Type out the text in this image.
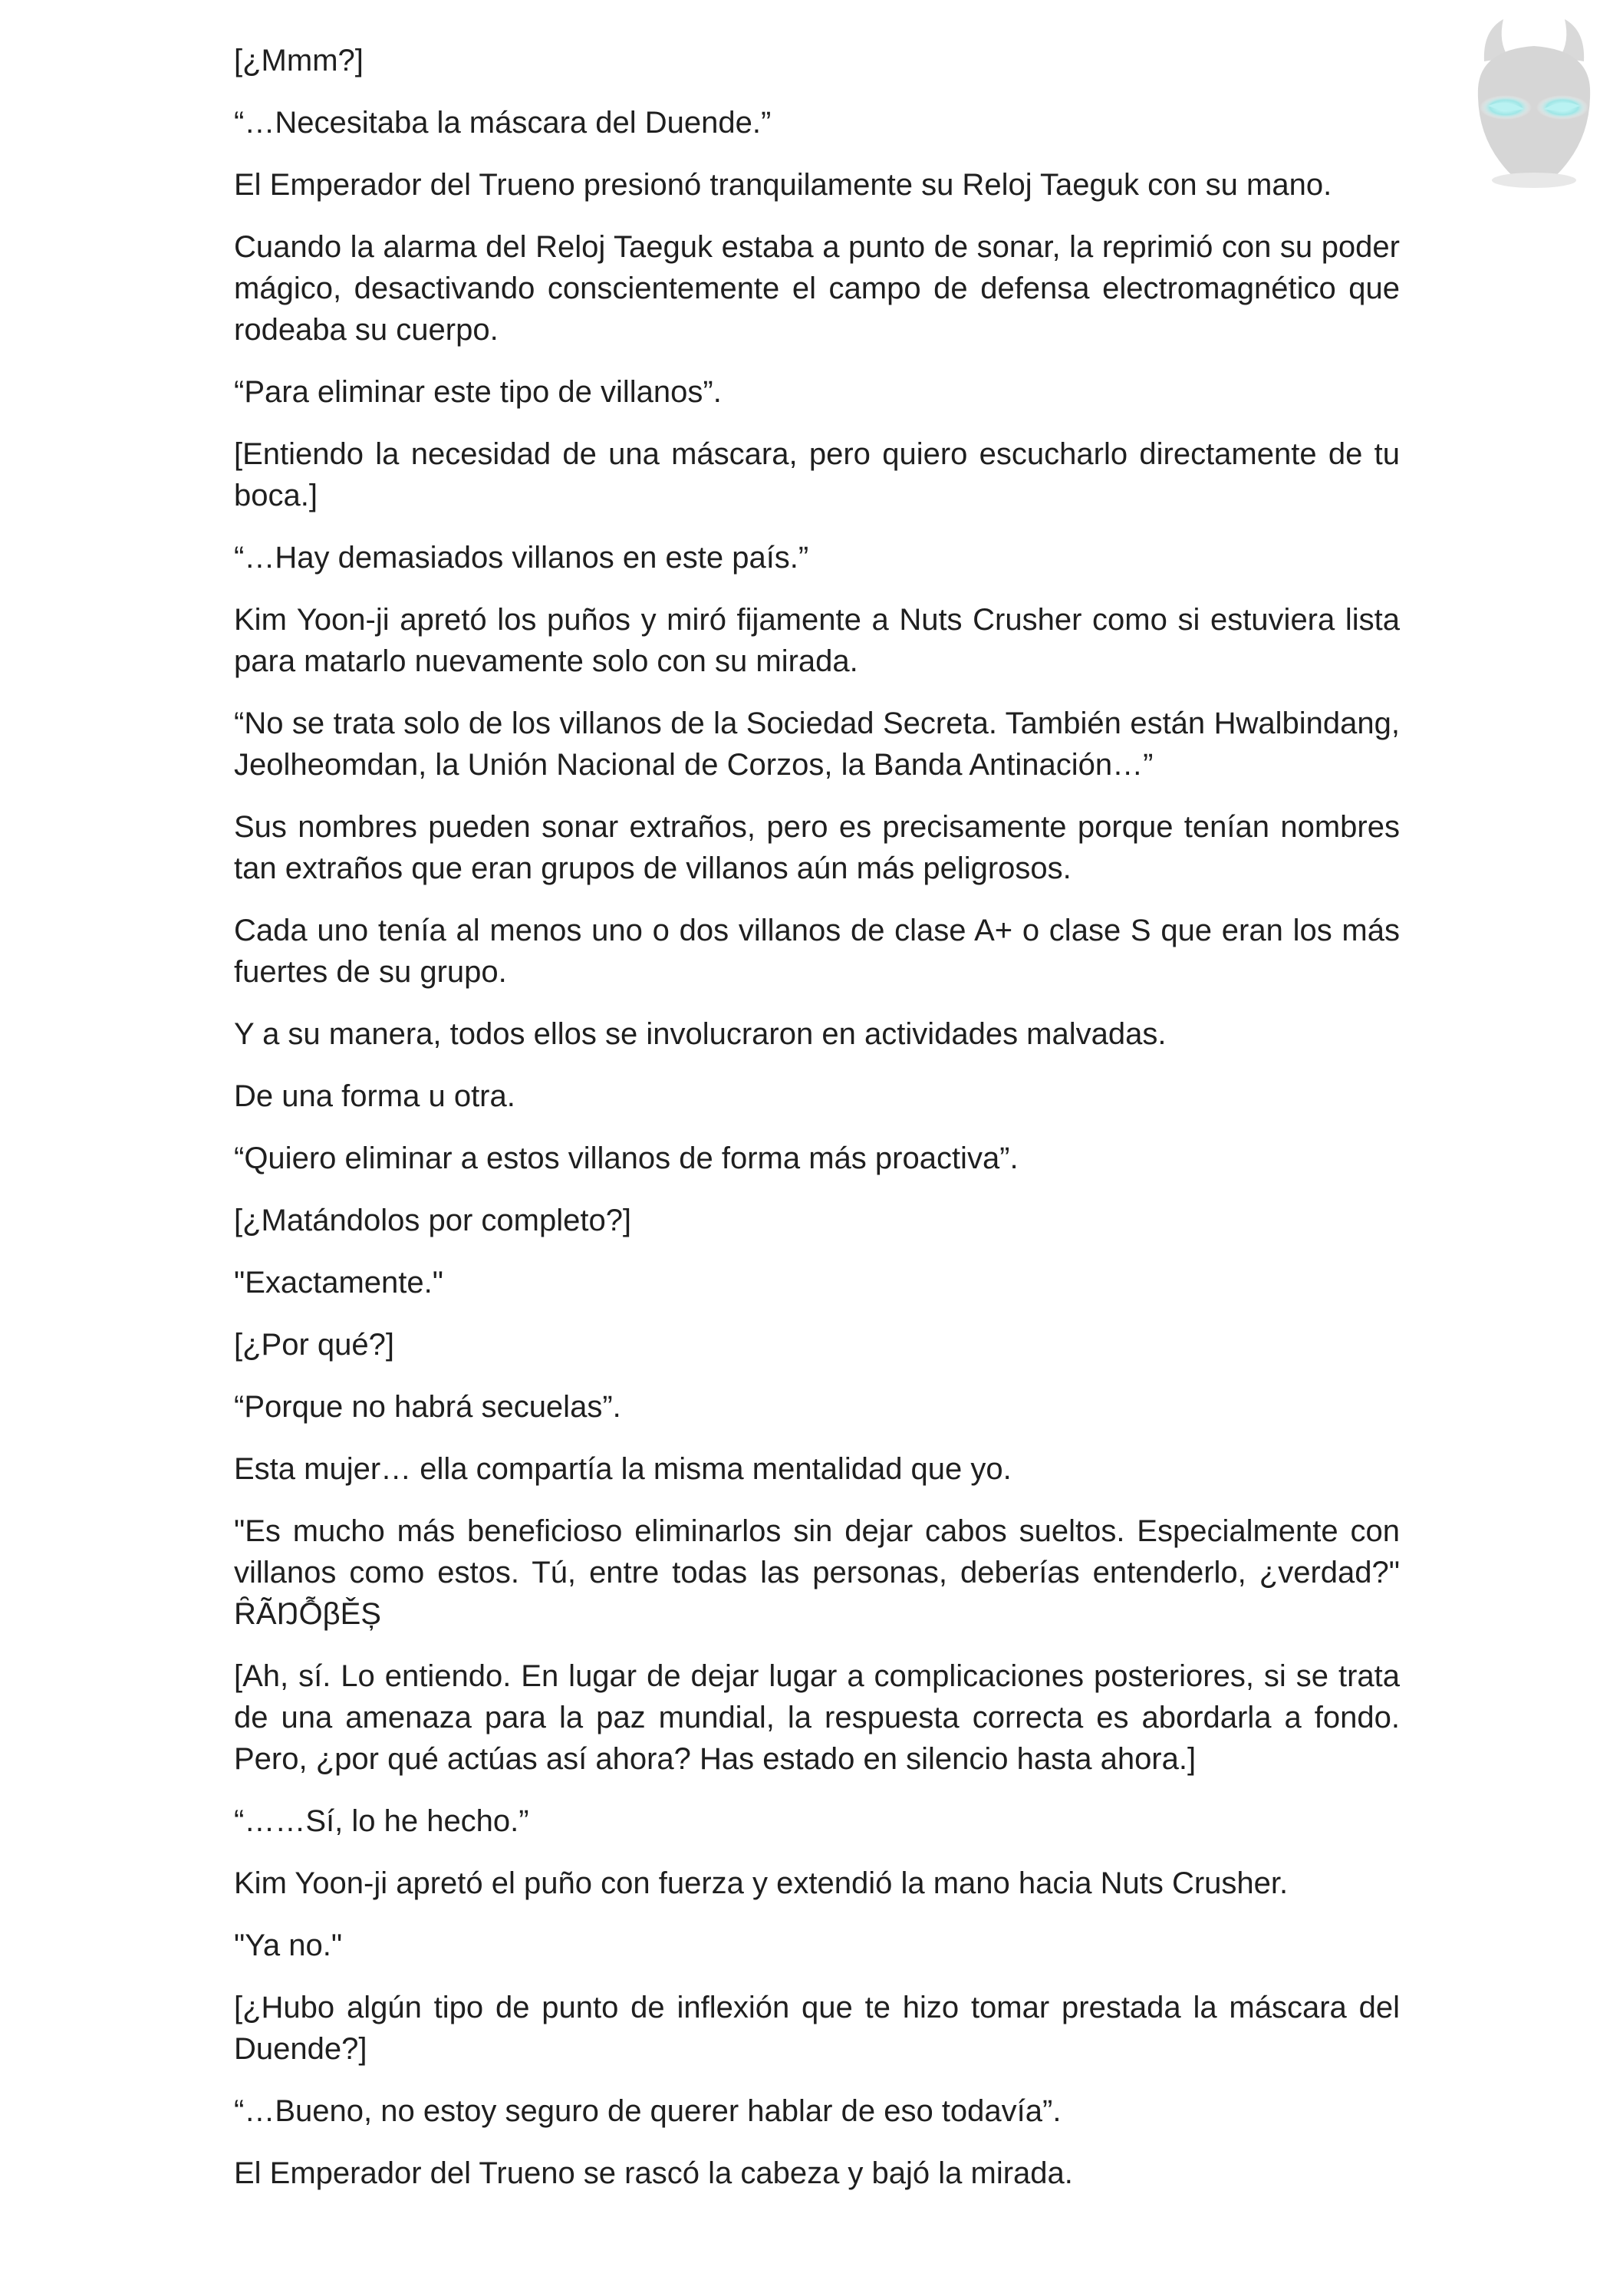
[¿Mmm?]

“…Necesitaba la máscara del Duende.”

El Emperador del Trueno presionó tranquilamente su Reloj Taeguk con su mano.

Cuando la alarma del Reloj Taeguk estaba a punto de sonar, la reprimió con su poder mágico, desactivando conscientemente el campo de defensa electromagnético que rodeaba su cuerpo.

“Para eliminar este tipo de villanos”.

[Entiendo la necesidad de una máscara, pero quiero escucharlo directamente de tu boca.]

“…Hay demasiados villanos en este país.”

Kim Yoon-ji apretó los puños y miró fijamente a Nuts Crusher como si estuviera lista para matarlo nuevamente solo con su mirada.

“No se trata solo de los villanos de la Sociedad Secreta. También están Hwalbindang, Jeolheomdan, la Unión Nacional de Corzos, la Banda Antinación…”

Sus nombres pueden sonar extraños, pero es precisamente porque tenían nombres tan extraños que eran grupos de villanos aún más peligrosos.

Cada uno tenía al menos uno o dos villanos de clase A+ o clase S que eran los más fuertes de su grupo.

Y a su manera, todos ellos se involucraron en actividades malvadas.

De una forma u otra.

“Quiero eliminar a estos villanos de forma más proactiva”.

[¿Matándolos por completo?]

"Exactamente."

[¿Por qué?]

“Porque no habrá secuelas”.

Esta mujer… ella compartía la misma mentalidad que yo.

"Es mucho más beneficioso eliminarlos sin dejar cabos sueltos. Especialmente con villanos como estos. Tú, entre todas las personas, deberías entenderlo, ¿verdad?" ȒÃŊỖβĚȘ

[Ah, sí. Lo entiendo. En lugar de dejar lugar a complicaciones posteriores, si se trata de una amenaza para la paz mundial, la respuesta correcta es abordarla a fondo. Pero, ¿por qué actúas así ahora? Has estado en silencio hasta ahora.]

“……Sí, lo he hecho.”

Kim Yoon-ji apretó el puño con fuerza y extendió la mano hacia Nuts Crusher.

"Ya no."

[¿Hubo algún tipo de punto de inflexión que te hizo tomar prestada la máscara del Duende?]

“…Bueno, no estoy seguro de querer hablar de eso todavía”.

El Emperador del Trueno se rascó la cabeza y bajó la mirada.
